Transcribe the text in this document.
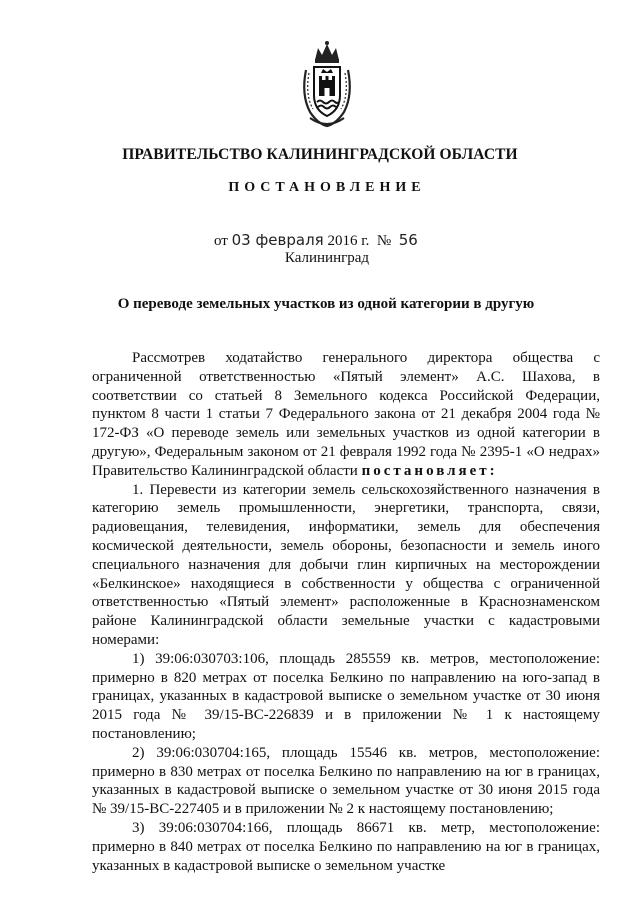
ПРАВИТЕЛЬСТВО КАЛИНИНГРАДСКОЙ ОБЛАСТИ
ПОСТАНОВЛЕНИЕ
от 03 февраля 2016 г. № 56
Калининград
О переводе земельных участков из одной категории в другую

Рассмотрев ходатайство генерального директора общества с ограниченной ответственностью «Пятый элемент» А.С. Шахова, в соответствии со статьей 8 Земельного кодекса Российской Федерации, пунктом 8 части 1 статьи 7 Федерального закона от 21 декабря 2004 года № 172-ФЗ «О переводе земель или земельных участков из одной категории в другую», Федеральным законом от 21 февраля 1992 года № 2395-1 «О недрах» Правительство Калининградской области постановляет:

1. Перевести из категории земель сельскохозяйственного назначения в категорию земель промышленности, энергетики, транспорта, связи, радиовещания, телевидения, информатики, земель для обеспечения космической деятельности, земель обороны, безопасности и земель иного специального назначения для добычи глин кирпичных на месторождении «Белкинское» находящиеся в собственности у общества с ограниченной ответственностью «Пятый элемент» расположенные в Краснознаменском районе Калининградской области земельные участки с кадастровыми номерами:

1) 39:06:030703:106, площадь 285559 кв. метров, местоположение: примерно в 820 метрах от поселка Белкино по направлению на юго-запад в границах, указанных в кадастровой выписке о земельном участке от 30 июня 2015 года № 39/15-ВС-226839 и в приложении № 1 к настоящему постановлению;

2) 39:06:030704:165, площадь 15546 кв. метров, местоположение: примерно в 830 метрах от поселка Белкино по направлению на юг в границах, указанных в кадастровой выписке о земельном участке от 30 июня 2015 года № 39/15-ВС-227405 и в приложении № 2 к настоящему постановлению;

3) 39:06:030704:166, площадь 86671 кв. метр, местоположение: примерно в 840 метрах от поселка Белкино по направлению на юг в границах, указанных в кадастровой выписке о земельном участке
